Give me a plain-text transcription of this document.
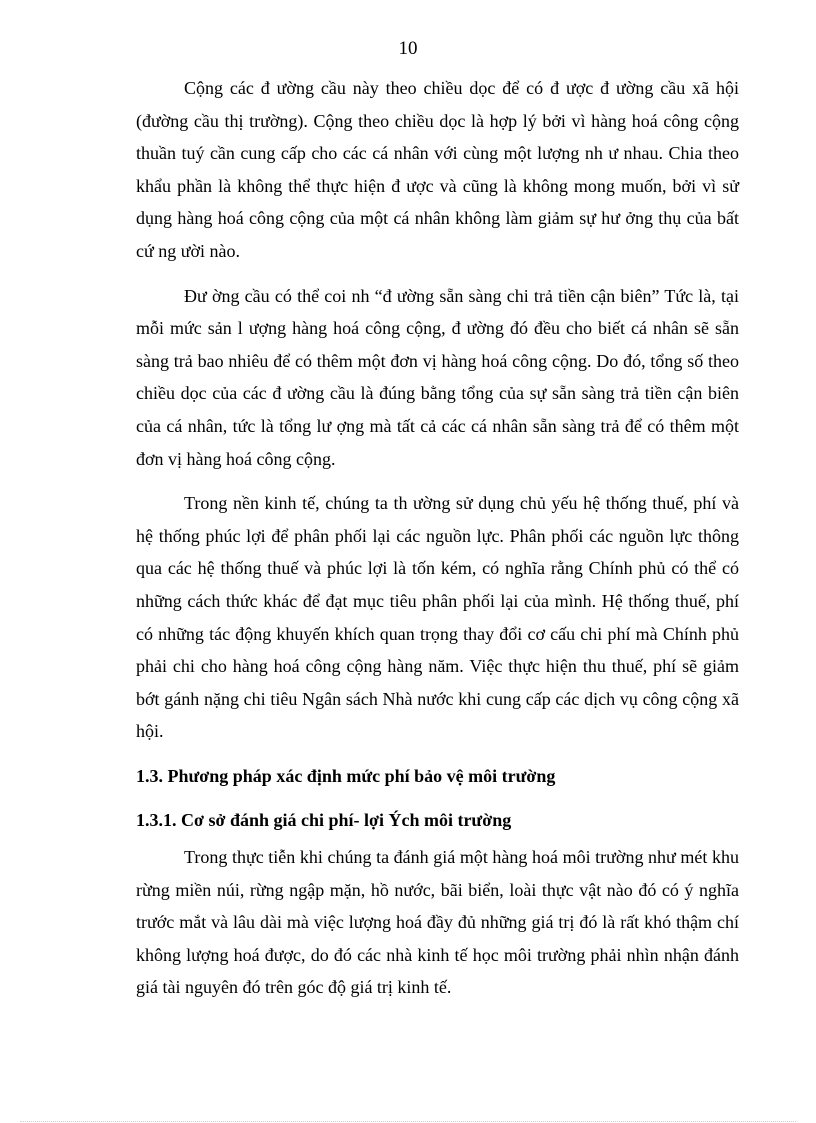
10

Cộng các đ ường cầu này theo chiều dọc để có đ ược đ ường cầu xã hội (đường cầu thị trường). Cộng theo chiều dọc là hợp lý bởi vì hàng hoá công cộng thuần tuý cần cung cấp cho các cá nhân với cùng một lượng nh ư nhau. Chia theo khẩu phần là không thể thực hiện đ ược và cũng là không mong muốn, bởi vì sử dụng hàng hoá công cộng của một cá nhân không làm giảm sự hư ởng thụ của bất cứ ng ười nào.

Đư ờng cầu có thể coi nh “đ ường sẵn sàng chi trả tiền cận biên” Tức là, tại mỗi mức sản l ượng hàng hoá công cộng, đ ường đó đều cho biết cá nhân sẽ sẵn sàng trả bao nhiêu để có thêm một đơn vị hàng hoá công cộng. Do đó, tổng số theo chiều dọc của các đ ường cầu là đúng bằng tổng của sự sẵn sàng trả tiền cận biên của cá nhân, tức là tổng lư ợng mà tất cả các cá nhân sẵn sàng trả để có thêm một đơn vị hàng hoá công cộng.

Trong nền kinh tế, chúng ta th ường sử dụng chủ yếu hệ thống thuế, phí và hệ thống phúc lợi để phân phối lại các nguồn lực. Phân phối các nguồn lực thông qua các hệ thống thuế và phúc lợi là tốn kém, có nghĩa rằng Chính phủ có thể có những cách thức khác để đạt mục tiêu phân phối lại của mình. Hệ thống thuế, phí có những tác động khuyến khích quan trọng thay đổi cơ cấu chi phí mà Chính phủ phải chi cho hàng hoá công cộng hàng năm. Việc thực hiện thu thuế, phí sẽ giảm bớt gánh nặng chi tiêu Ngân sách Nhà nước khi cung cấp các dịch vụ công cộng xã hội.

1.3. Phương pháp xác định mức phí bảo vệ môi trường
1.3.1. Cơ sở đánh giá chi phí- lợi Ých môi trường

Trong thực tiễn khi chúng ta đánh giá một hàng hoá môi trường như mét khu rừng miền núi, rừng ngập mặn, hồ nước, bãi biển, loài thực vật nào đó có ý nghĩa trước mắt và lâu dài mà việc lượng hoá đầy đủ những giá trị đó là rất khó thậm chí không lượng hoá được, do đó các nhà kinh tế học môi trường phải nhìn nhận đánh giá tài nguyên đó trên góc độ giá trị kinh tế.
